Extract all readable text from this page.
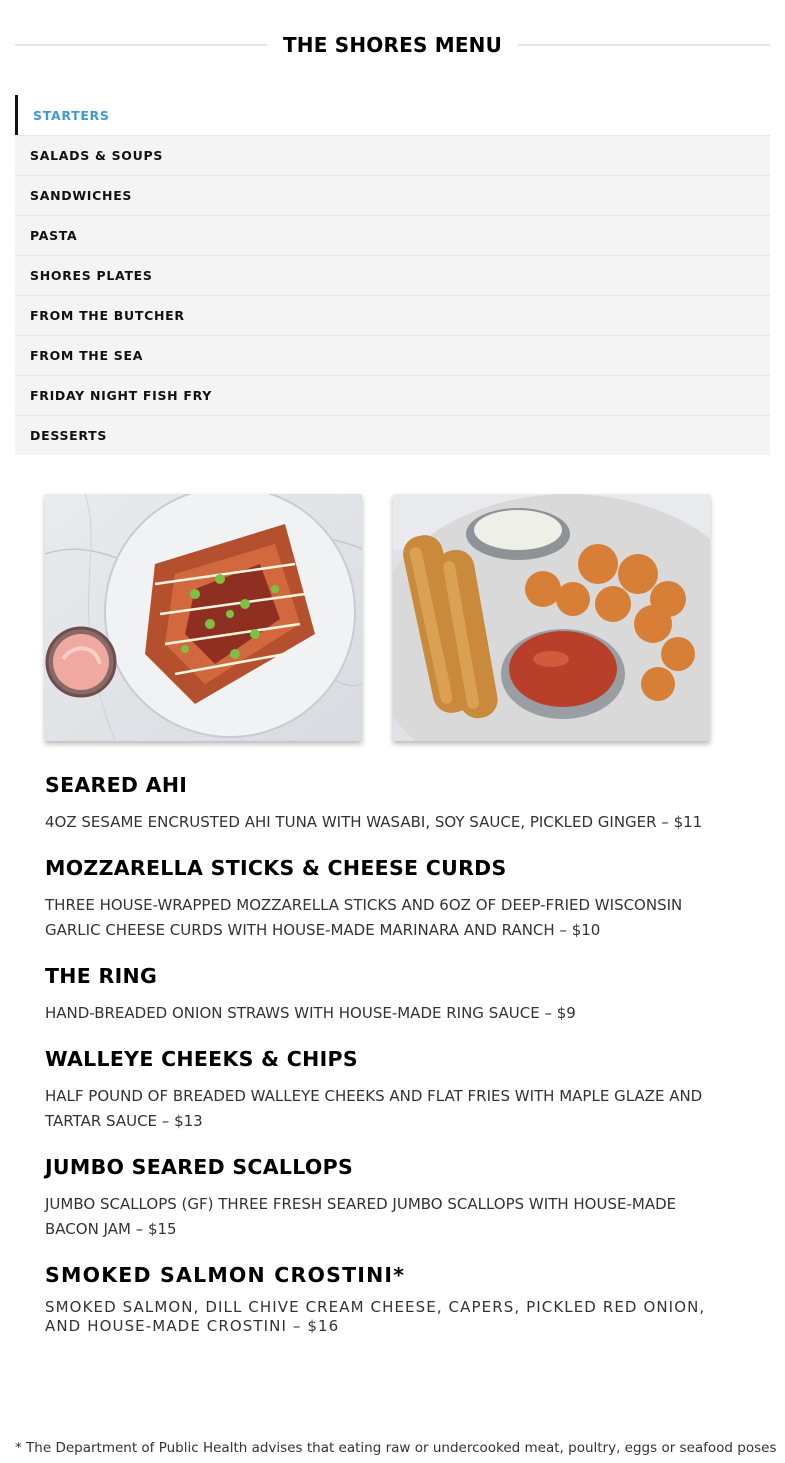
THE SHORES MENU
STARTERS
SALADS & SOUPS
SANDWICHES
PASTA
SHORES PLATES
FROM THE BUTCHER
FROM THE SEA
FRIDAY NIGHT FISH FRY
DESSERTS
SEARED AHI

4OZ SESAME ENCRUSTED AHI TUNA WITH WASABI, SOY SAUCE, PICKLED GINGER – $11

MOZZARELLA STICKS & CHEESE CURDS

THREE HOUSE-WRAPPED MOZZARELLA STICKS AND 6OZ OF DEEP-FRIED WISCONSIN GARLIC CHEESE CURDS WITH HOUSE-MADE MARINARA AND RANCH – $10

THE RING

HAND-BREADED ONION STRAWS WITH HOUSE-MADE RING SAUCE – $9

WALLEYE CHEEKS & CHIPS

HALF POUND OF BREADED WALLEYE CHEEKS AND FLAT FRIES WITH MAPLE GLAZE AND TARTAR SAUCE – $13

JUMBO SEARED SCALLOPS

JUMBO SCALLOPS (GF) THREE FRESH SEARED JUMBO SCALLOPS WITH HOUSE-MADE BACON JAM – $15

SMOKED SALMON CROSTINI*

SMOKED SALMON, DILL CHIVE CREAM CHEESE, CAPERS, PICKLED RED ONION, AND HOUSE-MADE CROSTINI – $16

* The Department of Public Health advises that eating raw or undercooked meat, poultry, eggs or seafood poses
